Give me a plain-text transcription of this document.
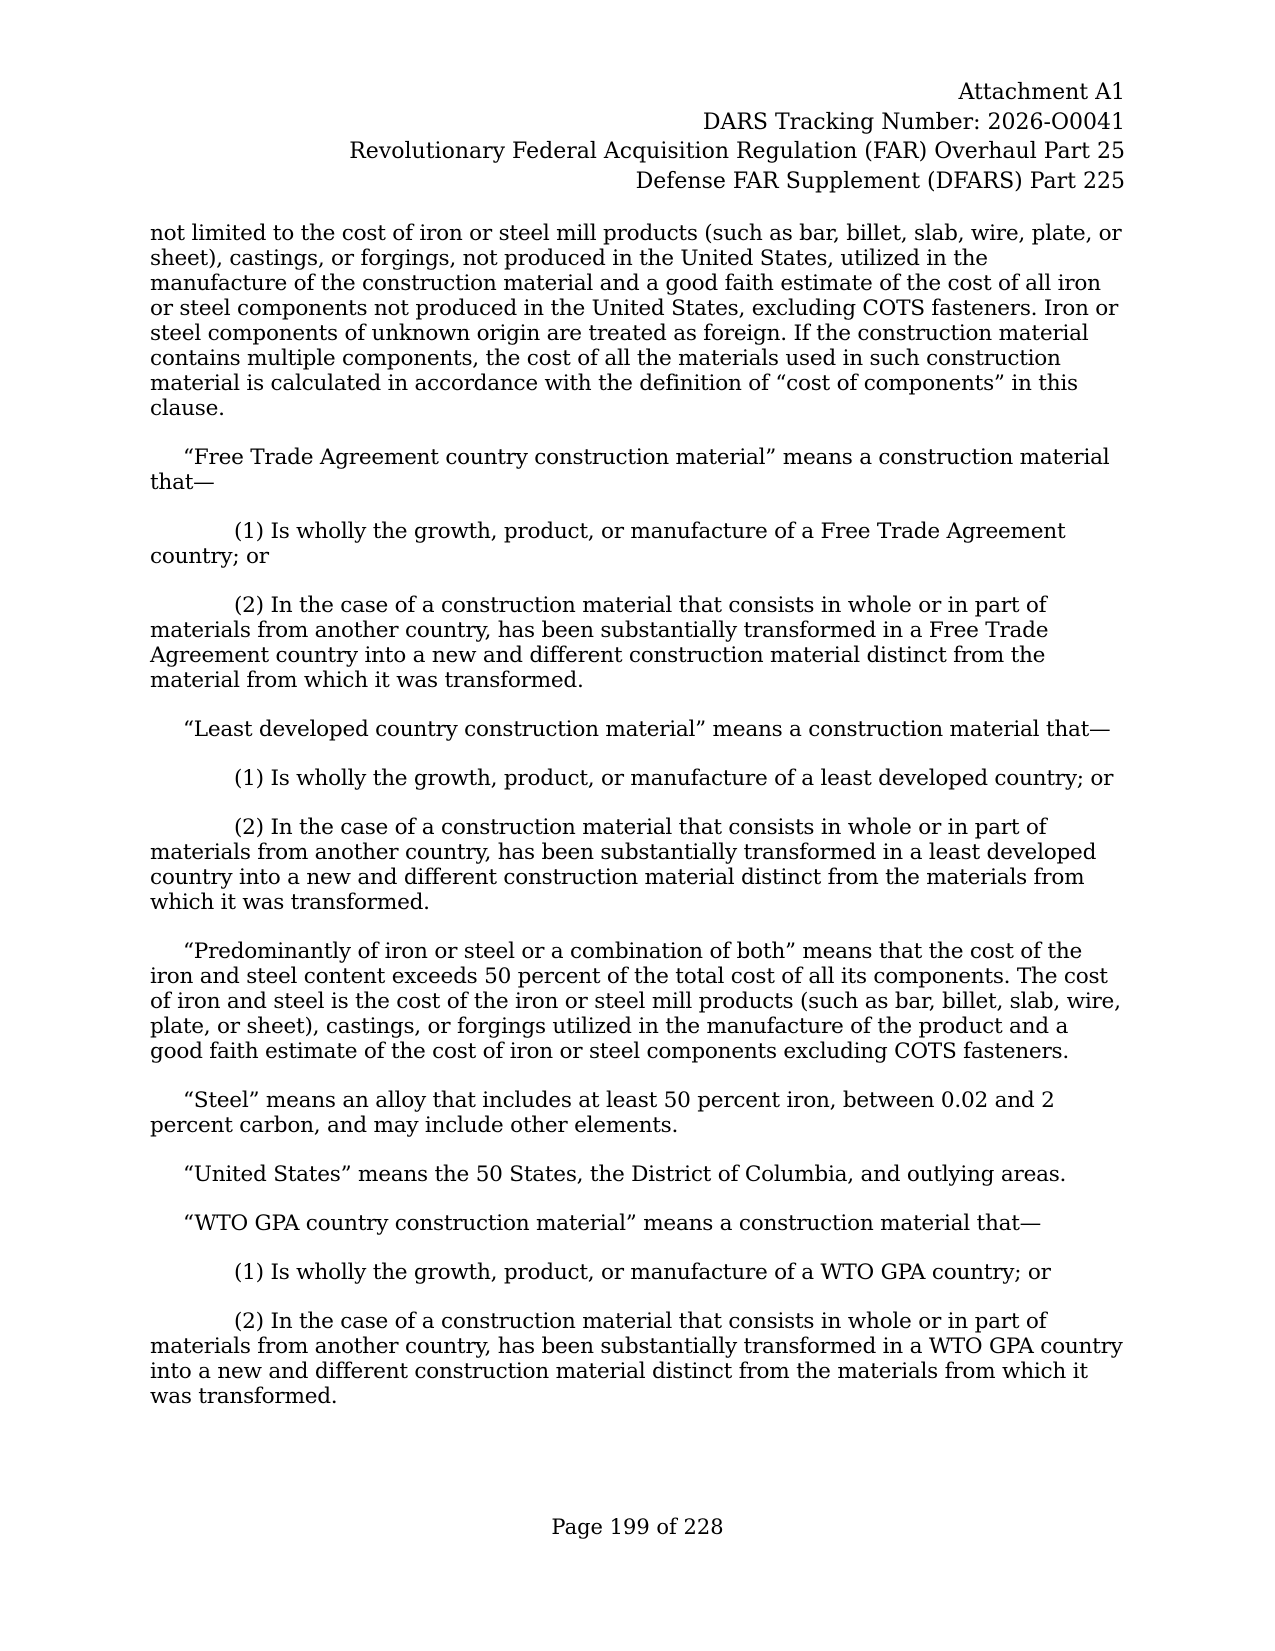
Attachment A1
DARS Tracking Number: 2026-O0041
Revolutionary Federal Acquisition Regulation (FAR) Overhaul Part 25
Defense FAR Supplement (DFARS) Part 225

not limited to the cost of iron or steel mill products (such as bar, billet, slab, wire, plate, or sheet), castings, or forgings, not produced in the United States, utilized in the manufacture of the construction material and a good faith estimate of the cost of all iron or steel components not produced in the United States, excluding COTS fasteners. Iron or steel components of unknown origin are treated as foreign. If the construction material contains multiple components, the cost of all the materials used in such construction material is calculated in accordance with the definition of “cost of components” in this clause.

“Free Trade Agreement country construction material” means a construction material that—

(1) Is wholly the growth, product, or manufacture of a Free Trade Agreement country; or

(2) In the case of a construction material that consists in whole or in part of materials from another country, has been substantially transformed in a Free Trade Agreement country into a new and different construction material distinct from the material from which it was transformed.

“Least developed country construction material” means a construction material that—

(1) Is wholly the growth, product, or manufacture of a least developed country; or

(2) In the case of a construction material that consists in whole or in part of materials from another country, has been substantially transformed in a least developed country into a new and different construction material distinct from the materials from which it was transformed.

“Predominantly of iron or steel or a combination of both” means that the cost of the iron and steel content exceeds 50 percent of the total cost of all its components. The cost of iron and steel is the cost of the iron or steel mill products (such as bar, billet, slab, wire, plate, or sheet), castings, or forgings utilized in the manufacture of the product and a good faith estimate of the cost of iron or steel components excluding COTS fasteners.

“Steel” means an alloy that includes at least 50 percent iron, between 0.02 and 2 percent carbon, and may include other elements.

“United States” means the 50 States, the District of Columbia, and outlying areas.

“WTO GPA country construction material” means a construction material that—

(1) Is wholly the growth, product, or manufacture of a WTO GPA country; or

(2) In the case of a construction material that consists in whole or in part of materials from another country, has been substantially transformed in a WTO GPA country into a new and different construction material distinct from the materials from which it was transformed.

Page 199 of 228
